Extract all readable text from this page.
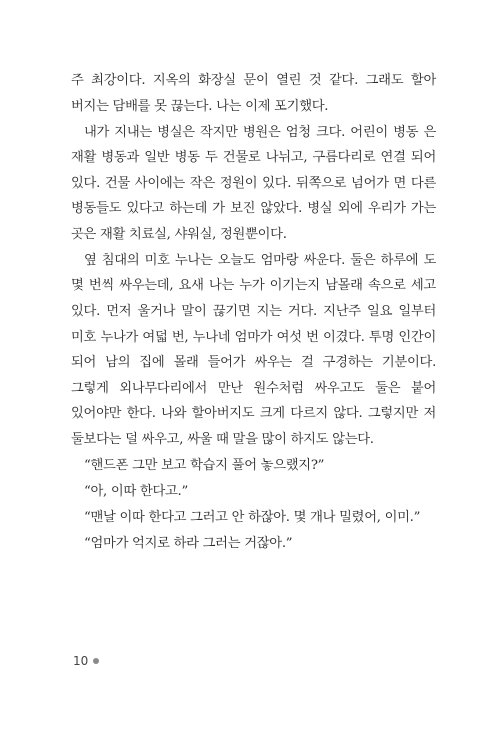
주 최강이다. 지옥의 화장실 문이 열린 것 같다. 그래도 할아 버지는 담배를 못 끊는다. 나는 이제 포기했다.

내가 지내는 병실은 작지만 병원은 엄청 크다. 어린이 병동 은 재활 병동과 일반 병동 두 건물로 나뉘고, 구름다리로 연결 되어 있다. 건물 사이에는 작은 정원이 있다. 뒤쪽으로 넘어가 면 다른 병동들도 있다고 하는데 가 보진 않았다. 병실 외에 우리가 가는 곳은 재활 치료실, 샤워실, 정원뿐이다.

옆 침대의 미호 누나는 오늘도 엄마랑 싸운다. 둘은 하루에 도 몇 번씩 싸우는데, 요새 나는 누가 이기는지 남몰래 속으로 세고 있다. 먼저 울거나 말이 끊기면 지는 거다. 지난주 일요 일부터 미호 누나가 여덟 번, 누나네 엄마가 여섯 번 이겼다. 투명 인간이 되어 남의 집에 몰래 들어가 싸우는 걸 구경하는 기분이다. 그렇게 외나무다리에서 만난 원수처럼 싸우고도 둘은 붙어 있어야만 한다. 나와 할아버지도 크게 다르지 않다. 그렇지만 저 둘보다는 덜 싸우고, 싸울 때 말을 많이 하지도 않는다.

“핸드폰 그만 보고 학습지 풀어 놓으랬지?”

“아, 이따 한다고.”

“맨날 이따 한다고 그러고 안 하잖아. 몇 개나 밀렸어, 이미.”

“엄마가 억지로 하라 그러는 거잖아.”

10
